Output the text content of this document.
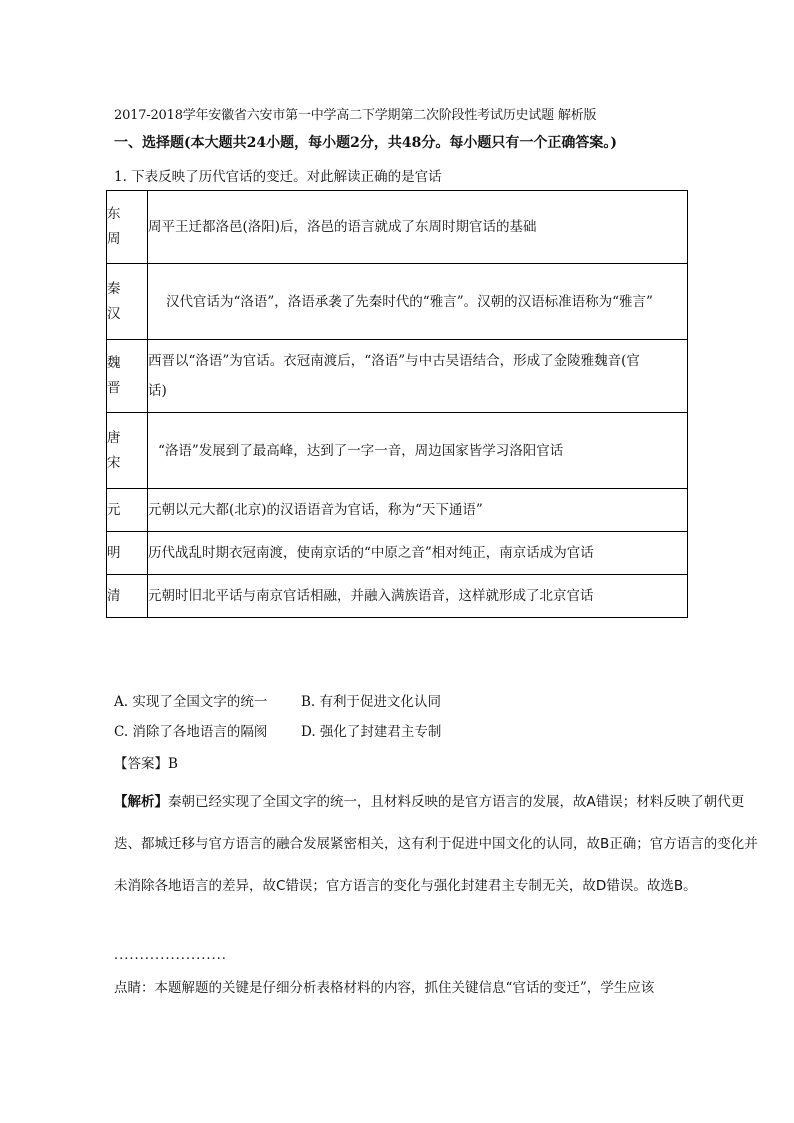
2017-2018学年安徽省六安市第一中学高二下学期第二次阶段性考试历史试题 解析版
一、选择题(本大题共24小题，每小题2分，共48分。每小题只有一个正确答案。)
1. 下表反映了历代官话的变迁。对此解读正确的是官话
东
周	周平王迁都洛邑(洛阳)后，洛邑的语言就成了东周时期官话的基础
秦
汉	汉代官话为“洛语”，洛语承袭了先秦时代的“雅言”。汉朝的汉语标准语称为“雅言”
魏
晋	西晋以“洛语”为官话。衣冠南渡后，“洛语”与中古吴语结合，形成了金陵雅魏音(官话)
唐
宋	“洛语”发展到了最高峰，达到了一字一音，周边国家皆学习洛阳官话
元	元朝以元大都(北京)的汉语语音为官话，称为“天下通语”
明	历代战乱时期衣冠南渡，使南京话的“中原之音”相对纯正，南京话成为官话
清	元朝时旧北平话与南京官话相融，并融入满族语音，这样就形成了北京官话
A. 实现了全国文字的统一 B. 有利于促进文化认同
C. 消除了各地语言的隔阂 D. 强化了封建君主专制
【答案】B
【解析】秦朝已经实现了全国文字的统一，且材料反映的是官方语言的发展，故A错误；材料反映了朝代更迭、都城迁移与官方语言的融合发展紧密相关，这有利于促进中国文化的认同，故B正确；官方语言的变化并未消除各地语言的差异，故C错误；官方语言的变化与强化封建君主专制无关，故D错误。故选B。
......................
点睛：本题解题的关键是仔细分析表格材料的内容，抓住关键信息“官话的变迁”，学生应该
